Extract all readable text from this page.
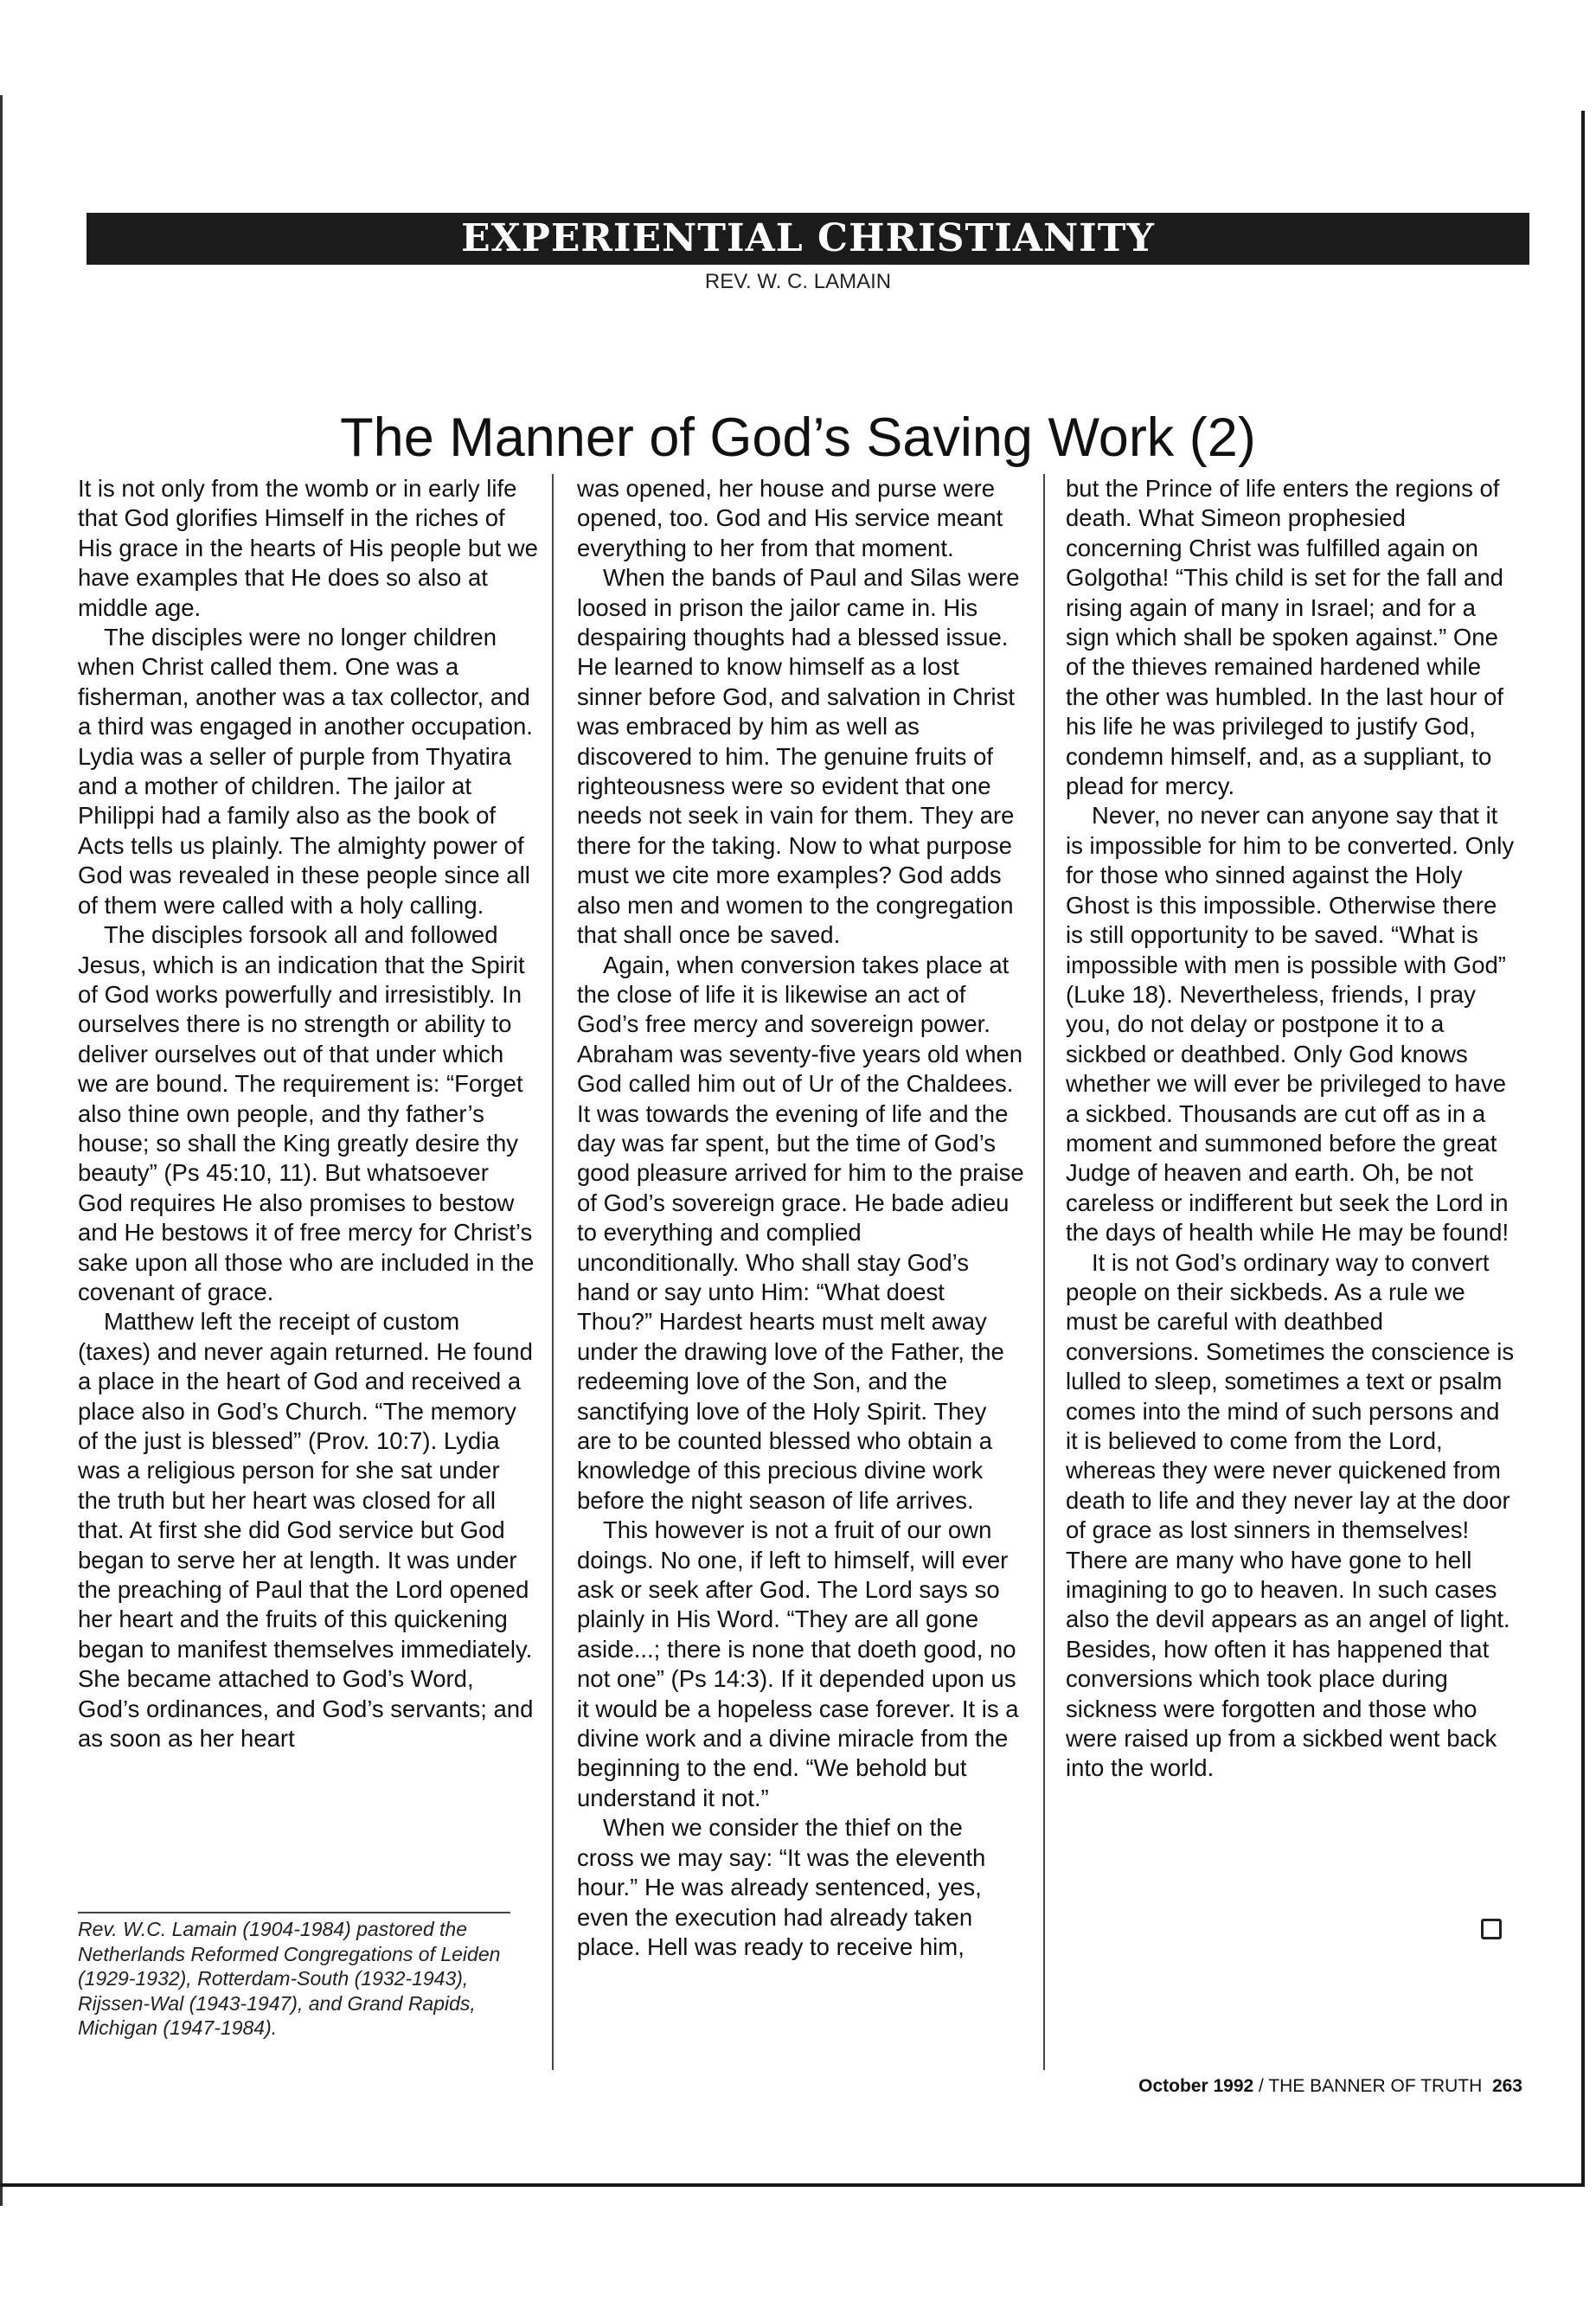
EXPERIENTIAL CHRISTIANITY
REV. W. C. LAMAIN
The Manner of God’s Saving Work (2)

It is not only from the womb or in early life that God glorifies Himself in the riches of His grace in the hearts of His people but we have examples that He does so also at middle age.

The disciples were no longer children when Christ called them. One was a fisherman, another was a tax collector, and a third was engaged in another occupation. Lydia was a seller of purple from Thyatira and a mother of children. The jailor at Philippi had a family also as the book of Acts tells us plainly. The almighty power of God was revealed in these people since all of them were called with a holy calling.

The disciples forsook all and followed Jesus, which is an indication that the Spirit of God works powerfully and irresistibly. In ourselves there is no strength or ability to deliver ourselves out of that under which we are bound. The requirement is: “Forget also thine own people, and thy father’s house; so shall the King greatly desire thy beauty” (Ps 45:10, 11). But whatsoever God requires He also promises to bestow and He bestows it of free mercy for Christ’s sake upon all those who are included in the covenant of grace.

Matthew left the receipt of custom (taxes) and never again returned. He found a place in the heart of God and received a place also in God’s Church. “The memory of the just is blessed” (Prov. 10:7). Lydia was a religious person for she sat under the truth but her heart was closed for all that. At first she did God service but God began to serve her at length. It was under the preaching of Paul that the Lord opened her heart and the fruits of this quickening began to manifest themselves immediately. She became attached to God’s Word, God’s ordinances, and God’s servants; and as soon as her heart

was opened, her house and purse were opened, too. God and His service meant everything to her from that moment.

When the bands of Paul and Silas were loosed in prison the jailor came in. His despairing thoughts had a blessed issue. He learned to know himself as a lost sinner before God, and salvation in Christ was embraced by him as well as discovered to him. The genuine fruits of righteousness were so evident that one needs not seek in vain for them. They are there for the taking. Now to what purpose must we cite more examples? God adds also men and women to the congregation that shall once be saved.

Again, when conversion takes place at the close of life it is likewise an act of God’s free mercy and sovereign power. Abraham was seventy-five years old when God called him out of Ur of the Chaldees. It was towards the evening of life and the day was far spent, but the time of God’s good pleasure arrived for him to the praise of God’s sovereign grace. He bade adieu to everything and complied unconditionally. Who shall stay God’s hand or say unto Him: “What doest Thou?” Hardest hearts must melt away under the drawing love of the Father, the redeeming love of the Son, and the sanctifying love of the Holy Spirit. They are to be counted blessed who obtain a knowledge of this precious divine work before the night season of life arrives.

This however is not a fruit of our own doings. No one, if left to himself, will ever ask or seek after God. The Lord says so plainly in His Word. “They are all gone aside...; there is none that doeth good, no not one” (Ps 14:3). If it depended upon us it would be a hopeless case forever. It is a divine work and a divine miracle from the beginning to the end. “We behold but understand it not.”

When we consider the thief on the cross we may say: “It was the eleventh hour.” He was already sentenced, yes, even the execution had already taken place. Hell was ready to receive him,

but the Prince of life enters the regions of death. What Simeon prophesied concerning Christ was fulfilled again on Golgotha! “This child is set for the fall and rising again of many in Israel; and for a sign which shall be spoken against.” One of the thieves remained hardened while the other was humbled. In the last hour of his life he was privileged to justify God, condemn himself, and, as a suppliant, to plead for mercy.

Never, no never can anyone say that it is impossible for him to be converted. Only for those who sinned against the Holy Ghost is this impossible. Otherwise there is still opportunity to be saved. “What is impossible with men is possible with God” (Luke 18). Nevertheless, friends, I pray you, do not delay or postpone it to a sickbed or deathbed. Only God knows whether we will ever be privileged to have a sickbed. Thousands are cut off as in a moment and summoned before the great Judge of heaven and earth. Oh, be not careless or indifferent but seek the Lord in the days of health while He may be found!

It is not God’s ordinary way to convert people on their sickbeds. As a rule we must be careful with deathbed conversions. Sometimes the conscience is lulled to sleep, sometimes a text or psalm comes into the mind of such persons and it is believed to come from the Lord, whereas they were never quickened from death to life and they never lay at the door of grace as lost sinners in themselves! There are many who have gone to hell imagining to go to heaven. In such cases also the devil appears as an angel of light. Besides, how often it has happened that conversions which took place during sickness were forgotten and those who were raised up from a sickbed went back into the world.

Rev. W.C. Lamain (1904-1984) pastored the Netherlands Reformed Congregations of Leiden (1929-1932), Rotterdam-South (1932-1943), Rijssen-Wal (1943-1947), and Grand Rapids, Michigan (1947-1984).
October 1992 / THE BANNER OF TRUTH 263
